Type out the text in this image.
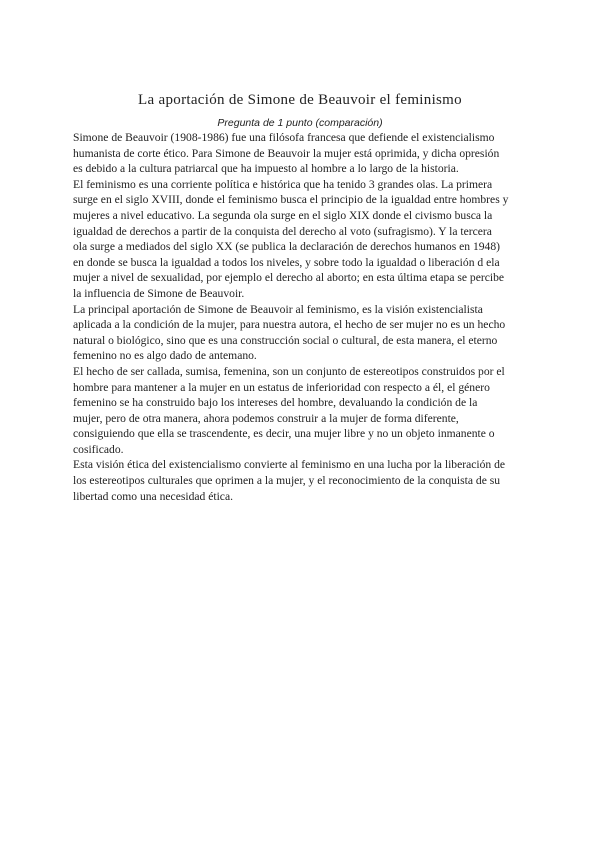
La aportación de Simone de Beauvoir el feminismo
Pregunta de 1 punto (comparación)
Simone de Beauvoir (1908-1986) fue una filósofa francesa que defiende el existencialismo
humanista de corte ético. Para Simone de Beauvoir la mujer está oprimida, y dicha opresión
es debido a la cultura patriarcal que ha impuesto al hombre a lo largo de la historia.
El feminismo es una corriente política e histórica que ha tenido 3 grandes olas. La primera
surge en el siglo XVIII, donde el feminismo busca el principio de la igualdad entre hombres y
mujeres a nivel educativo. La segunda ola surge en el siglo XIX donde el civismo busca la
igualdad de derechos a partir de la conquista del derecho al voto (sufragismo). Y la tercera
ola surge a mediados del siglo XX (se publica la declaración de derechos humanos en 1948)
en donde se busca la igualdad a todos los niveles, y sobre todo la igualdad o liberación d ela
mujer a nivel de sexualidad, por ejemplo el derecho al aborto; en esta última etapa se percibe
la influencia de Simone de Beauvoir.
La principal aportación de Simone de Beauvoir al feminismo, es la visión existencialista
aplicada a la condición de la mujer, para nuestra autora, el hecho de ser mujer no es un hecho
natural o biológico, sino que es una construcción social o cultural, de esta manera, el eterno
femenino no es algo dado de antemano.
El hecho de ser callada, sumisa, femenina, son un conjunto de estereotipos construidos por el
hombre para mantener a la mujer en un estatus de inferioridad con respecto a él, el género
femenino se ha construido bajo los intereses del hombre, devaluando la condición de la
mujer, pero de otra manera, ahora podemos construir a la mujer de forma diferente,
consiguiendo que ella se trascendente, es decir, una mujer libre y no un objeto inmanente o
cosificado.
Esta visión ética del existencialismo convierte al feminismo en una lucha por la liberación de
los estereotipos culturales que oprimen a la mujer, y el reconocimiento de la conquista de su
libertad como una necesidad ética.
